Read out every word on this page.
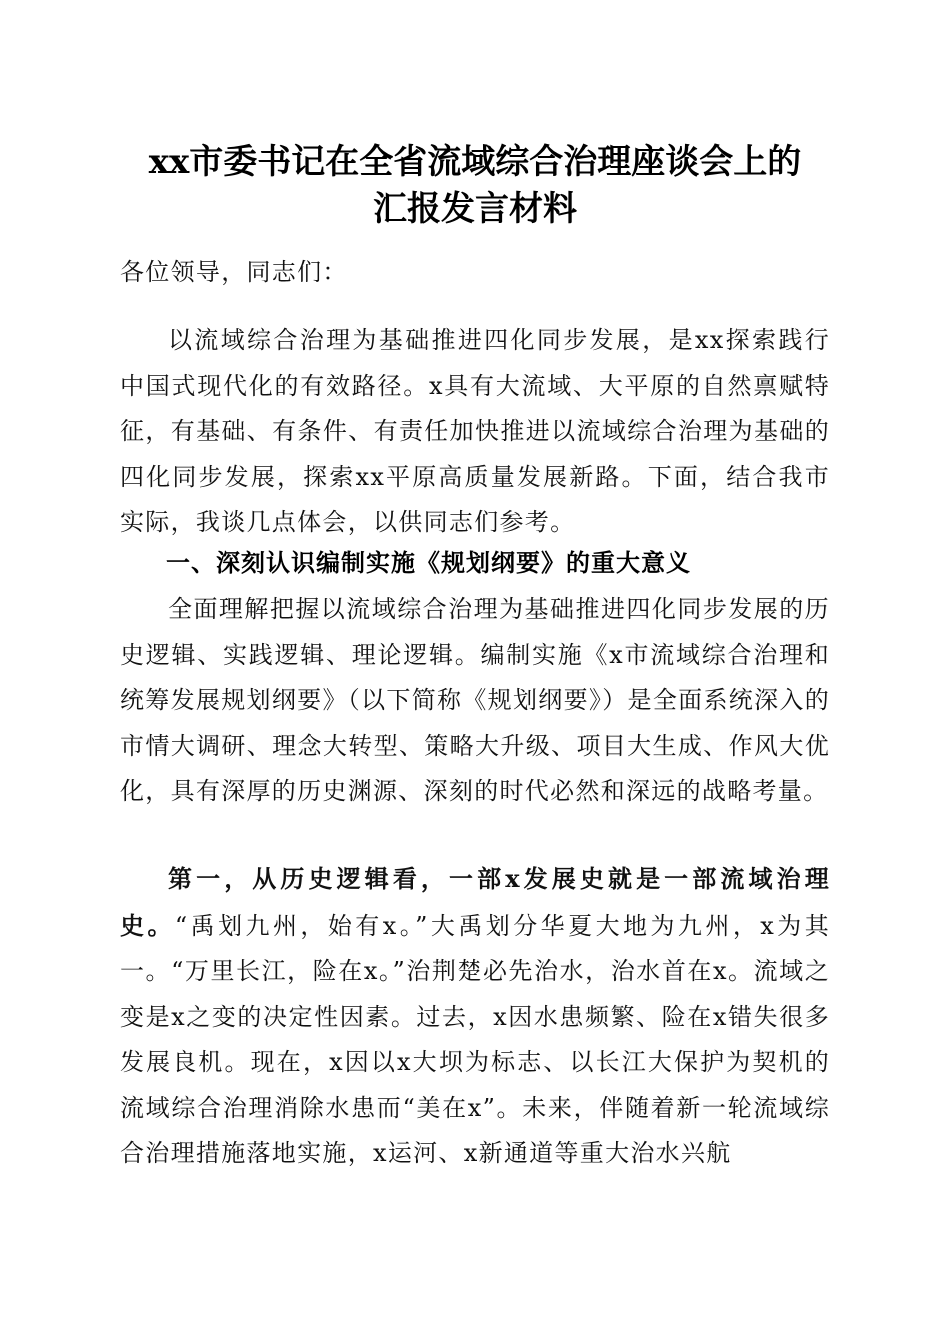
xx市委书记在全省流域综合治理座谈会上的
汇报发言材料
各位领导，同志们：
以流域综合治理为基础推进四化同步发展，是xx探索践行中国式现代化的有效路径。x具有大流域、大平原的自然禀赋特征，有基础、有条件、有责任加快推进以流域综合治理为基础的四化同步发展，探索xx平原高质量发展新路。下面，结合我市实际，我谈几点体会，以供同志们参考。
一、深刻认识编制实施《规划纲要》的重大意义
全面理解把握以流域综合治理为基础推进四化同步发展的历史逻辑、实践逻辑、理论逻辑。编制实施《x市流域综合治理和统筹发展规划纲要》（以下简称《规划纲要》）是全面系统深入的市情大调研、理念大转型、策略大升级、项目大生成、作风大优化，具有深厚的历史渊源、深刻的时代必然和深远的战略考量。
第一，从历史逻辑看，一部x发展史就是一部流域治理史。“禹划九州，始有x。”大禹划分华夏大地为九州，x为其一。“万里长江，险在x。”治荆楚必先治水，治水首在x。流域之变是x之变的决定性因素。过去，x因水患频繁、险在x错失很多发展良机。现在，x因以x大坝为标志、以长江大保护为契机的流域综合治理消除水患而“美在x”。未来，伴随着新一轮流域综合治理措施落地实施，x运河、x新通道等重大治水兴航
